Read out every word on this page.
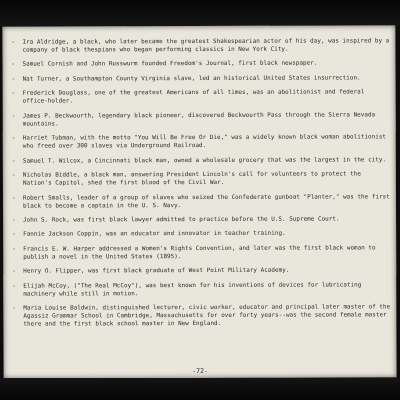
-	Ira Aldridge, a black, who later became the greatest Shakespearian actor of his day, was inspired by a company of black thespians who began performing classics in New York City.
-	Samuel Cornish and John Russwurm founded Freedom's Journal, first black newspaper.
-	Nat Turner, a Southampton County Virginia slave, led an historical United States insurrection.
-	Frederick Douglass, one of the greatest Americans of all times, was an abolitionist and federal office-holder.
-	James P. Beckwourth, legendary black pioneer, discovered Beckwourth Pass through the Sierra Nevada mountains.
-	Harriet Tubman, with the motto "You Will Be Free Or Die," was a widely known black woman abolitionist who freed over 300 slaves via Underground Railroad.
-	Samuel T. Wilcox, a Cincinnati black man, owned a wholesale grocery that was the largest in the city.
-	Nicholas Biddle, a black man, answering President Lincoln's call for volunteers to protect the Nation's Capitol, shed the first blood of the Civil War.
-	Robert Smalls, leader of a group of slaves who seized the Confederate gunboat "Planter," was the first black to become a captain in the U. S. Navy.
-	John S. Rock, was first black lawyer admitted to practice before the U.S. Supreme Court.
-	Fannie Jackson Coppin, was an educator and innovator in teacher training.
-	Francis E. W. Harper addressed a Women's Rights Convention, and later was the first black woman to publish a novel in the United States (1895).
-	Henry O. Flipper, was first black graduate of West Point Military Academy.
-	Elijah McCoy, ("The Real McCoy"), was best known for his inventions of devices for lubricating machinery while still in motion.
-	Maria Louise Baldwin, distinguished lecturer, civic worker, educator and principal later master of the Agassiz Grammar School in Cambridge, Massachusetts for over forty years--was the second female master there and the first black school master in New England.
-72-
